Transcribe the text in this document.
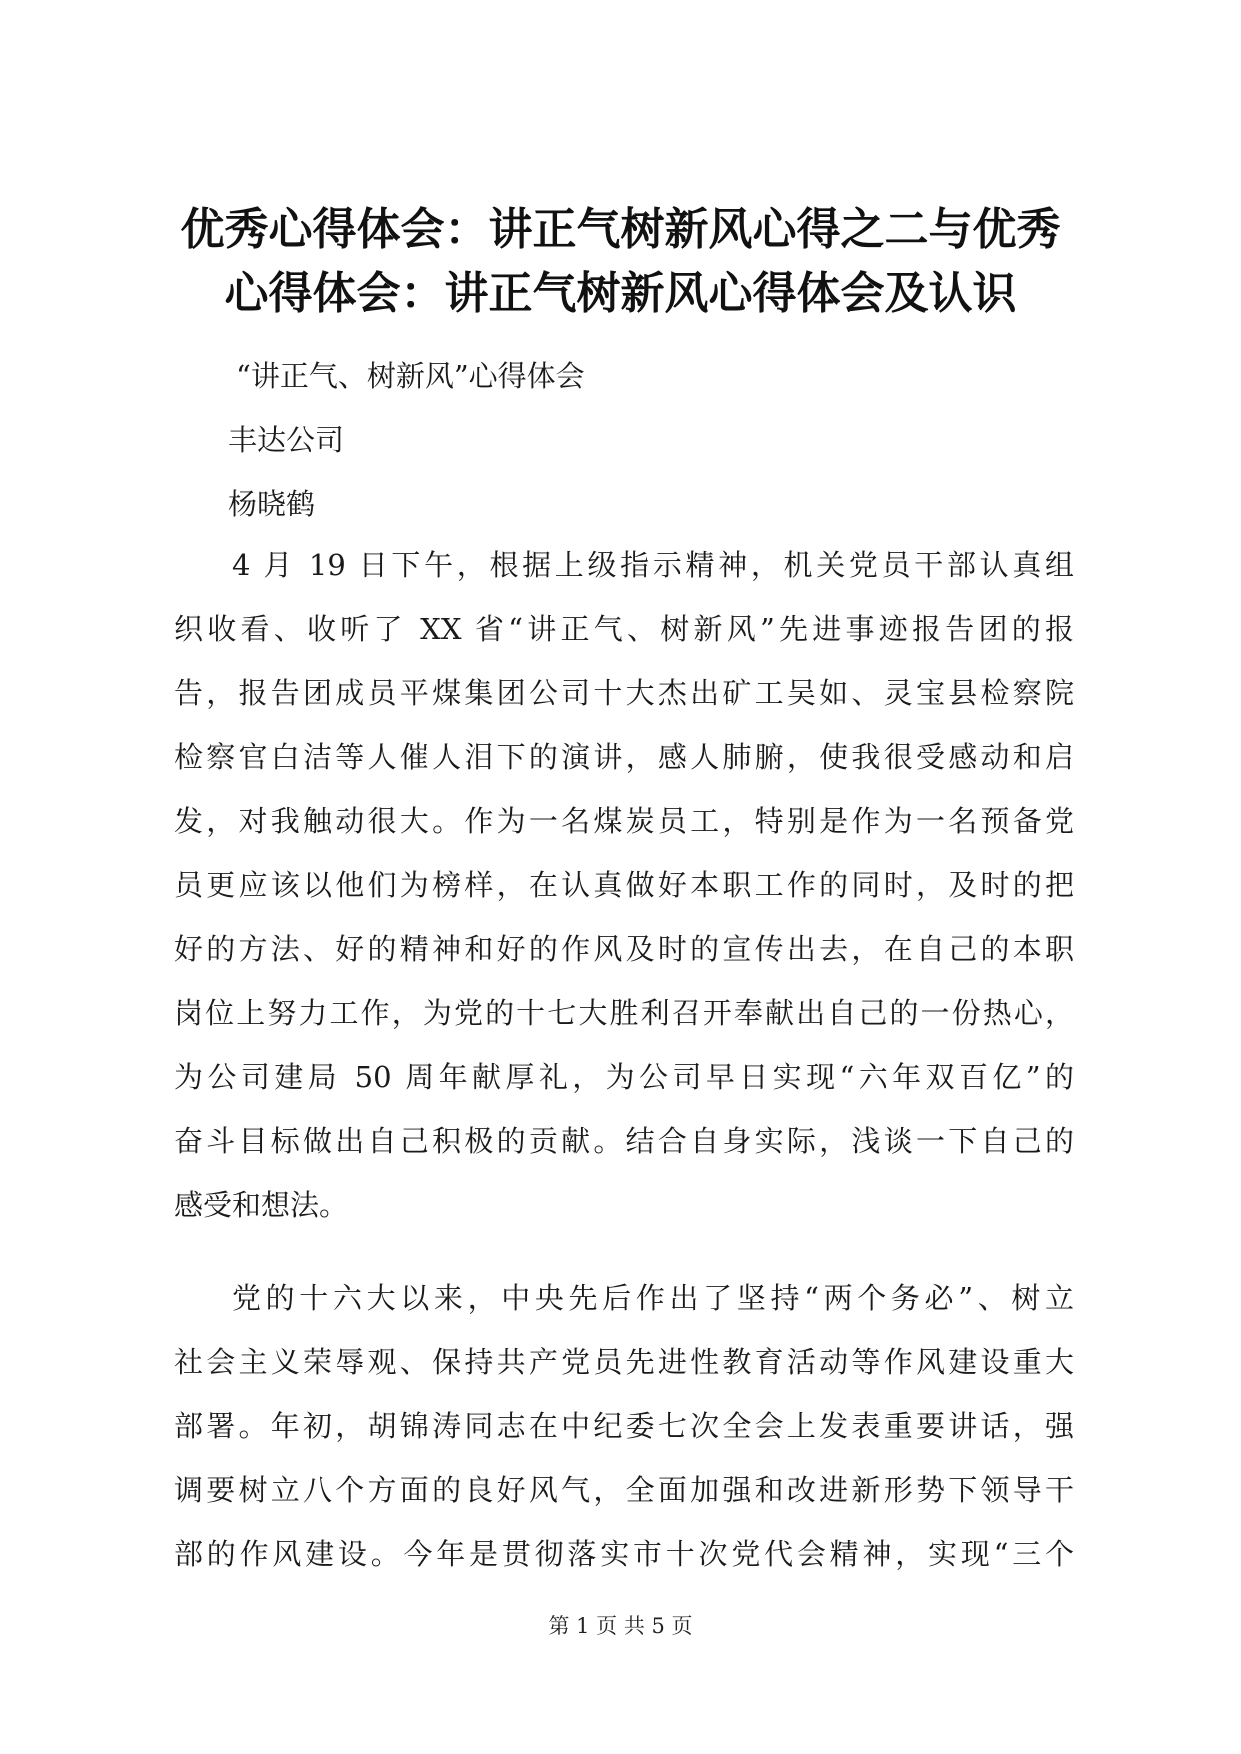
优秀心得体会：讲正气树新风心得之二与优秀
心得体会：讲正气树新风心得体会及认识
“讲正气、树新风”心得体会
丰达公司
杨晓鹤
4 月 19 日下午，根据上级指示精神，机关党员干部认真组
织收看、收听了 XX 省“讲正气、树新风”先进事迹报告团的报
告，报告团成员平煤集团公司十大杰出矿工吴如、灵宝县检察院
检察官白洁等人催人泪下的演讲，感人肺腑，使我很受感动和启
发，对我触动很大。作为一名煤炭员工，特别是作为一名预备党
员更应该以他们为榜样，在认真做好本职工作的同时，及时的把
好的方法、好的精神和好的作风及时的宣传出去，在自己的本职
岗位上努力工作，为党的十七大胜利召开奉献出自己的一份热心，
为公司建局 50 周年献厚礼，为公司早日实现“六年双百亿”的
奋斗目标做出自己积极的贡献。结合自身实际，浅谈一下自己的
感受和想法。
党的十六大以来，中央先后作出了坚持“两个务必”、树立
社会主义荣辱观、保持共产党员先进性教育活动等作风建设重大
部署。年初，胡锦涛同志在中纪委七次全会上发表重要讲话，强
调要树立八个方面的良好风气，全面加强和改进新形势下领导干
部的作风建设。今年是贯彻落实市十次党代会精神，实现“三个
第 1 页 共 5 页
